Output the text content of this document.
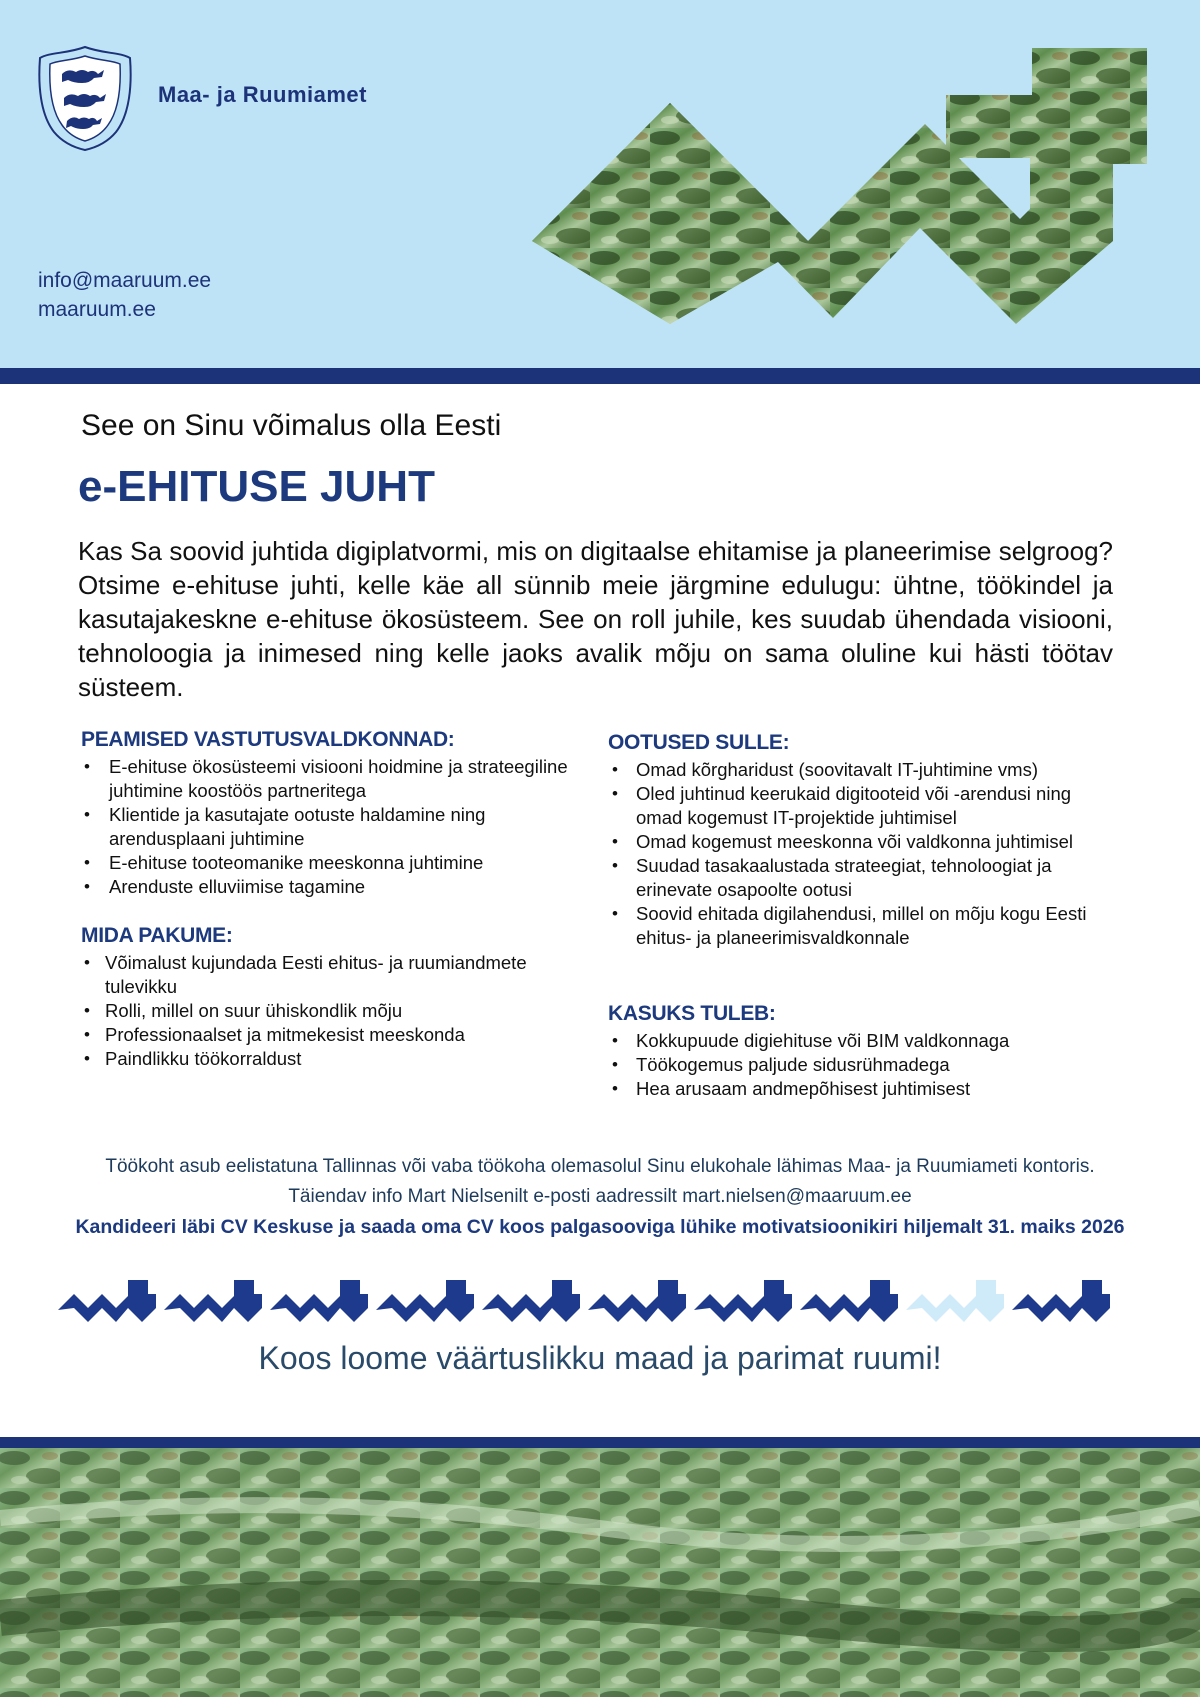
Maa- ja Ruumiamet
info@maaruum.ee
maaruum.ee
See on Sinu võimalus olla Eesti
e-EHITUSE JUHT

Kas Sa soovid juhtida digiplatvormi, mis on digitaalse ehitamise ja planeerimise selgroog? Otsime e-ehituse juhti, kelle käe all sünnib meie järgmine edulugu: ühtne, töökindel ja kasutajakeskne e-ehituse ökosüsteem. See on roll juhile, kes suudab ühendada visiooni, tehnoloogia ja inimesed ning kelle jaoks avalik mõju on sama oluline kui hästi töötav süsteem.

PEAMISED VASTUTUSVALDKONNAD:
• E-ehituse ökosüsteemi visiooni hoidmine ja strateegiline juhtimine koostöös partneritega
• Klientide ja kasutajate ootuste haldamine ning arendusplaani juhtimine
• E-ehituse tooteomanike meeskonna juhtimine
• Arenduste elluviimise tagamine
MIDA PAKUME:
• Võimalust kujundada Eesti ehitus- ja ruumiandmete tulevikku
• Rolli, millel on suur ühiskondlik mõju
• Professionaalset ja mitmekesist meeskonda
• Paindlikku töökorraldust
OOTUSED SULLE:
• Omad kõrgharidust (soovitavalt IT-juhtimine vms)
• Oled juhtinud keerukaid digitooteid või -arendusi ning omad kogemust IT-projektide juhtimisel
• Omad kogemust meeskonna või valdkonna juhtimisel
• Suudad tasakaalustada strateegiat, tehnoloogiat ja erinevate osapoolte ootusi
• Soovid ehitada digilahendusi, millel on mõju kogu Eesti ehitus- ja planeerimisvaldkonnale
KASUKS TULEB:
• Kokkupuude digiehituse või BIM valdkonnaga
• Töökogemus paljude sidusrühmadega
• Hea arusaam andmepõhisest juhtimisest
Töökoht asub eelistatuna Tallinnas või vaba töökoha olemasolul Sinu elukohale lähimas Maa- ja Ruumiameti kontoris.
Täiendav info Mart Nielsenilt e-posti aadressilt mart.nielsen@maaruum.ee
Kandideeri läbi CV Keskuse ja saada oma CV koos palgasooviga lühike motivatsioonikiri hiljemalt 31. maiks 2026
Koos loome väärtuslikku maad ja parimat ruumi!
